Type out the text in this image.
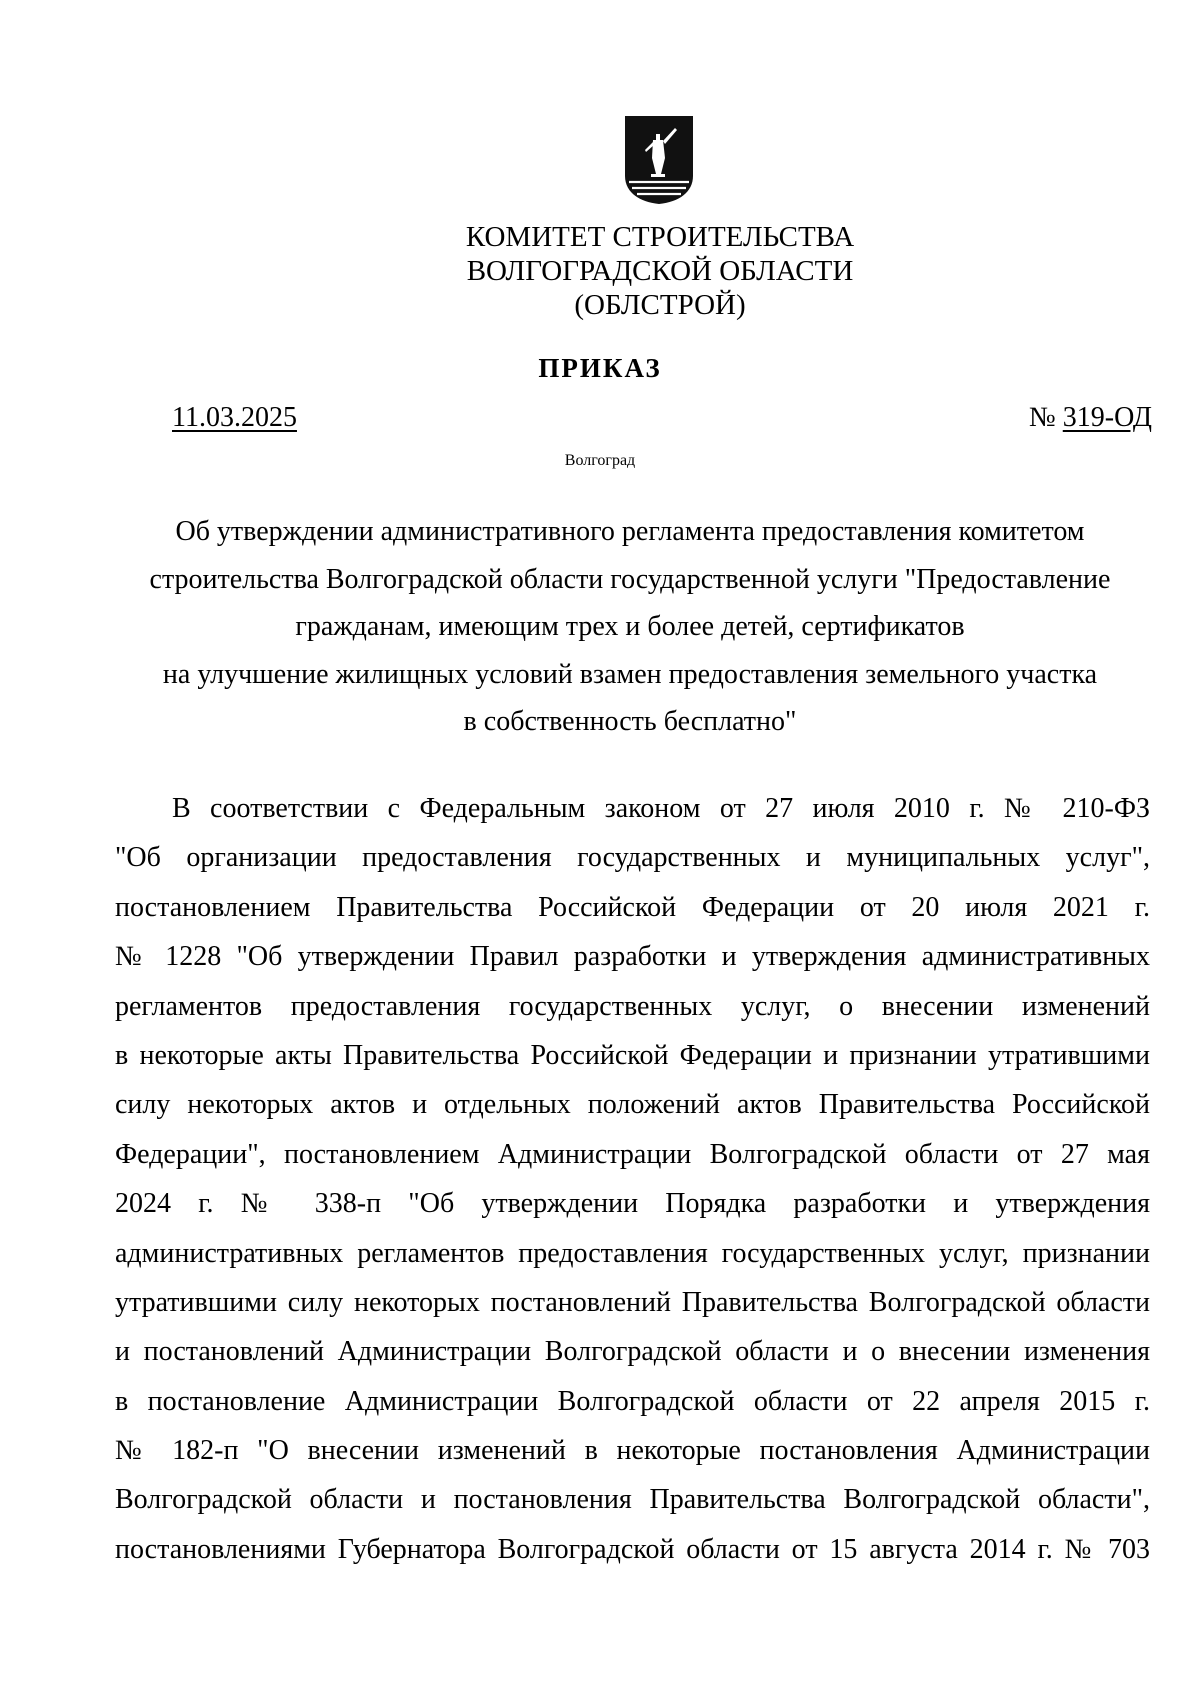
КОМИТЕТ СТРОИТЕЛЬСТВА
ВОЛГОГРАДСКОЙ ОБЛАСТИ
(ОБЛСТРОЙ)
ПРИКАЗ
11.03.2025	№ 319-ОД
Волгоград
Об утверждении административного регламента предоставления комитетом
строительства Волгоградской области государственной услуги "Предоставление
гражданам, имеющим трех и более детей, сертификатов
на улучшение жилищных условий взамен предоставления земельного участка
в собственность бесплатно"
В соответствии с Федеральным законом от 27 июля 2010 г. № 210-ФЗ
"Об организации предоставления государственных и муниципальных услуг",
постановлением Правительства Российской Федерации от 20 июля 2021 г.
№ 1228 "Об утверждении Правил разработки и утверждения административных
регламентов предоставления государственных услуг, о внесении изменений
в некоторые акты Правительства Российской Федерации и признании утратившими
силу некоторых актов и отдельных положений актов Правительства Российской
Федерации", постановлением Администрации Волгоградской области от 27 мая
2024 г. № 338-п "Об утверждении Порядка разработки и утверждения
административных регламентов предоставления государственных услуг, признании
утратившими силу некоторых постановлений Правительства Волгоградской области
и постановлений Администрации Волгоградской области и о внесении изменения
в постановление Администрации Волгоградской области от 22 апреля 2015 г.
№ 182-п "О внесении изменений в некоторые постановления Администрации
Волгоградской области и постановления Правительства Волгоградской области",
постановлениями Губернатора Волгоградской области от 15 августа 2014 г. № 703
